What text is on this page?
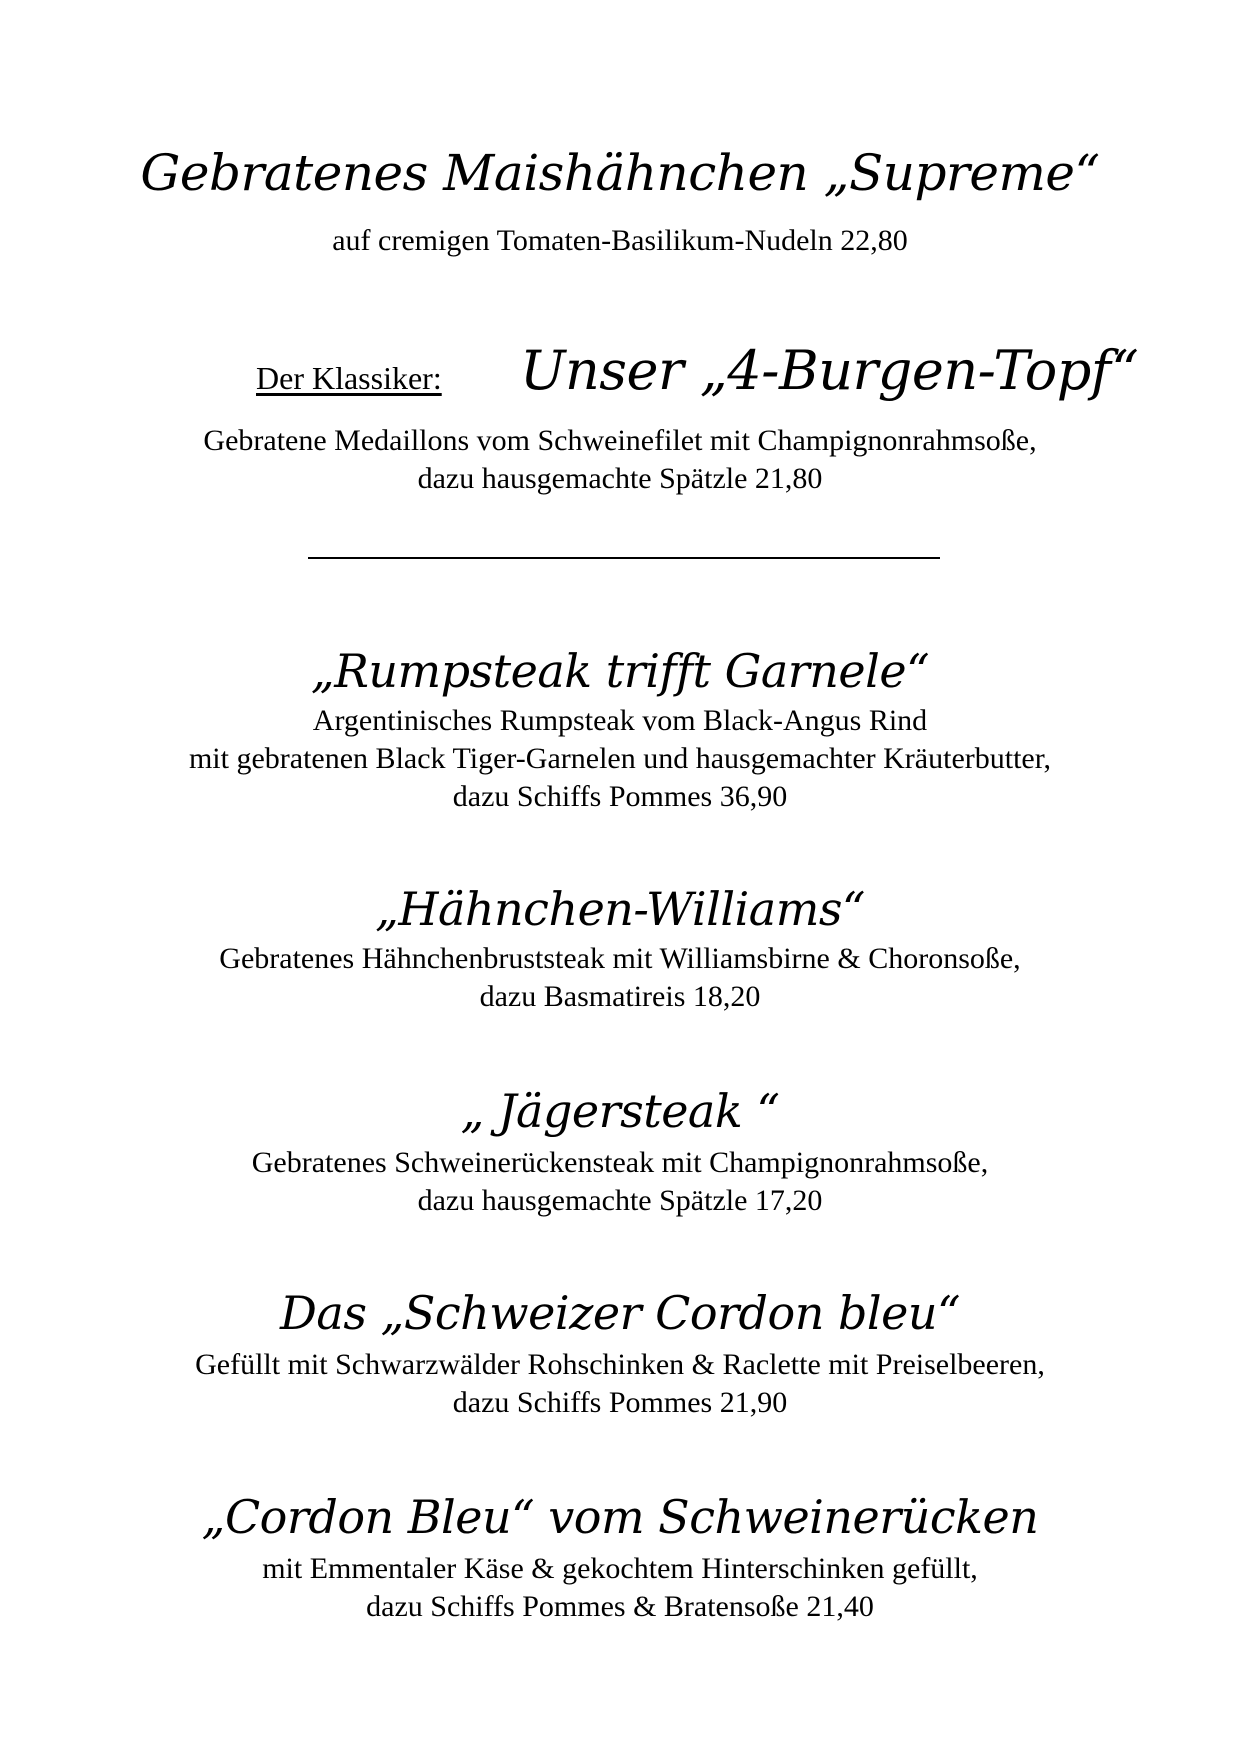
Gebratenes Maishähnchen „Supreme“
auf cremigen Tomaten-Basilikum-Nudeln 22,80
Der Klassiker: Unser „4-Burgen-Topf“
Gebratene Medaillons vom Schweinefilet mit Champignonrahmsoße,
dazu hausgemachte Spätzle 21,80
„Rumpsteak trifft Garnele“
Argentinisches Rumpsteak vom Black-Angus Rind
mit gebratenen Black Tiger-Garnelen und hausgemachter Kräuterbutter,
dazu Schiffs Pommes 36,90
„Hähnchen-Williams“
Gebratenes Hähnchenbruststeak mit Williamsbirne & Choronsoße,
dazu Basmatireis 18,20
„ Jägersteak “
Gebratenes Schweinerückensteak mit Champignonrahmsoße,
dazu hausgemachte Spätzle 17,20
Das „Schweizer Cordon bleu“
Gefüllt mit Schwarzwälder Rohschinken & Raclette mit Preiselbeeren,
dazu Schiffs Pommes 21,90
„Cordon Bleu“ vom Schweinerücken
mit Emmentaler Käse & gekochtem Hinterschinken gefüllt,
dazu Schiffs Pommes & Bratensoße 21,40
